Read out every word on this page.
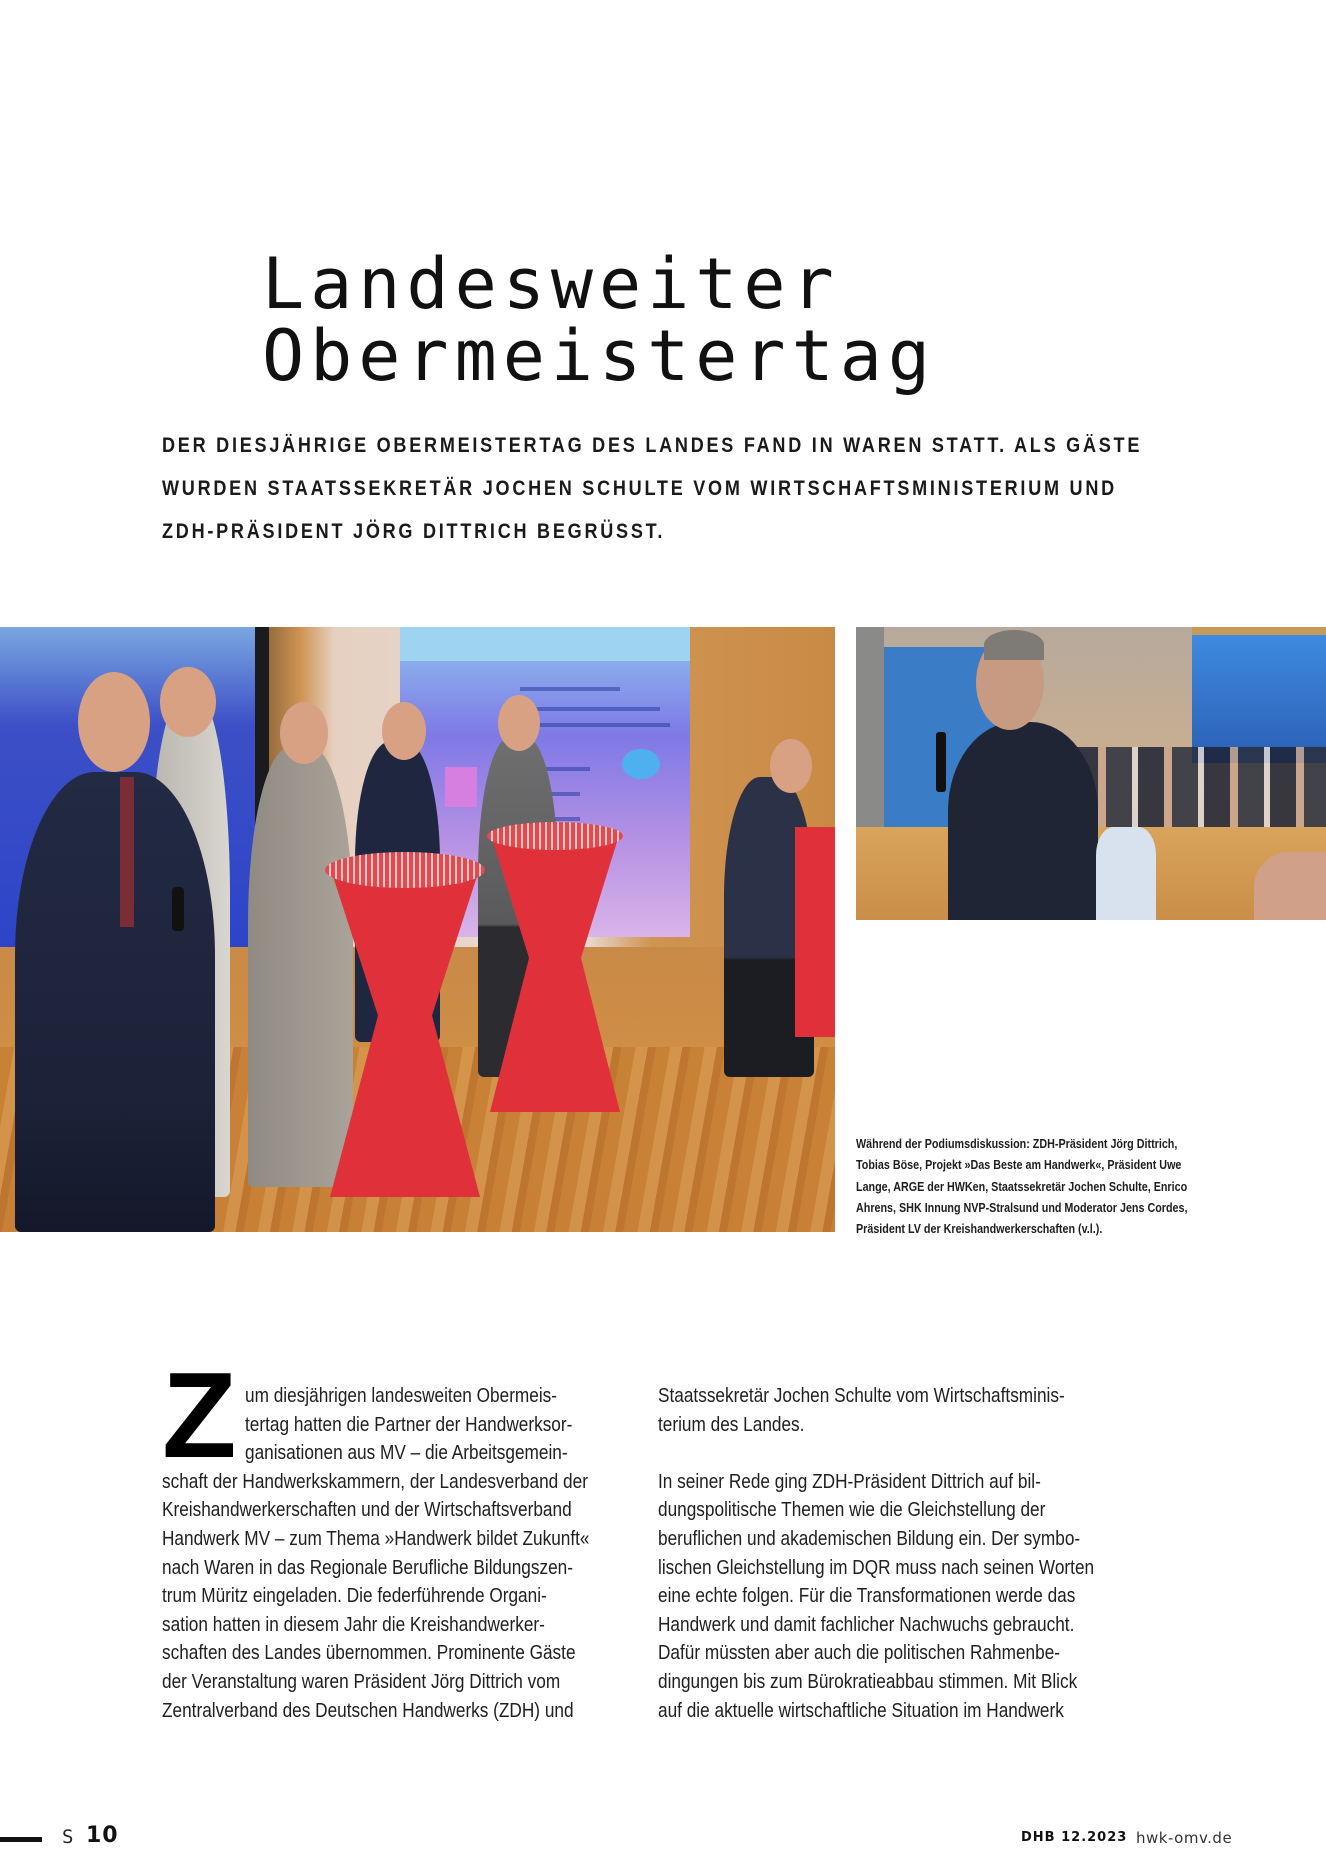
Landesweiter
Obermeistertag

DER DIESJÄHRIGE OBERMEISTERTAG DES LANDES FAND IN WAREN STATT. ALS GÄSTE
WURDEN STAATSSEKRETÄR JOCHEN SCHULTE VOM WIRTSCHAFTSMINISTERIUM UND
ZDH-PRÄSIDENT JÖRG DITTRICH BEGRÜSST.

Während der Podiumsdiskussion: ZDH-Präsident Jörg Dittrich,
Tobias Böse, Projekt »Das Beste am Handwerk«, Präsident Uwe
Lange, ARGE der HWKen, Staatssekretär Jochen Schulte, Enrico
Ahrens, SHK Innung NVP-Stralsund und Moderator Jens Cordes,
Präsident LV der Kreishandwerkerschaften (v.l.).

Z um diesjährigen landesweiten Obermeis-
tertag hatten die Partner der Handwerksor-
ganisationen aus MV – die Arbeitsgemein-
schaft der Handwerkskammern, der Landesverband der
Kreishandwerkerschaften und der Wirtschaftsverband
Handwerk MV – zum Thema »Handwerk bildet Zukunft«
nach Waren in das Regionale Berufliche Bildungszen-
trum Müritz eingeladen. Die federführende Organi-
sation hatten in diesem Jahr die Kreishandwerker-
schaften des Landes übernommen. Prominente Gäste
der Veranstaltung waren Präsident Jörg Dittrich vom
Zentralverband des Deutschen Handwerks (ZDH) und
Staatssekretär Jochen Schulte vom Wirtschaftsminis-
terium des Landes.
In seiner Rede ging ZDH-Präsident Dittrich auf bil-
dungspolitische Themen wie die Gleichstellung der
beruflichen und akademischen Bildung ein. Der symbo-
lischen Gleichstellung im DQR muss nach seinen Worten
eine echte folgen. Für die Transformationen werde das
Handwerk und damit fachlicher Nachwuchs gebraucht.
Dafür müssten aber auch die politischen Rahmenbe-
dingungen bis zum Bürokratieabbau stimmen. Mit Blick
auf die aktuelle wirtschaftliche Situation im Handwerk
S 10	DHB 12.2023 hwk-omv.de
